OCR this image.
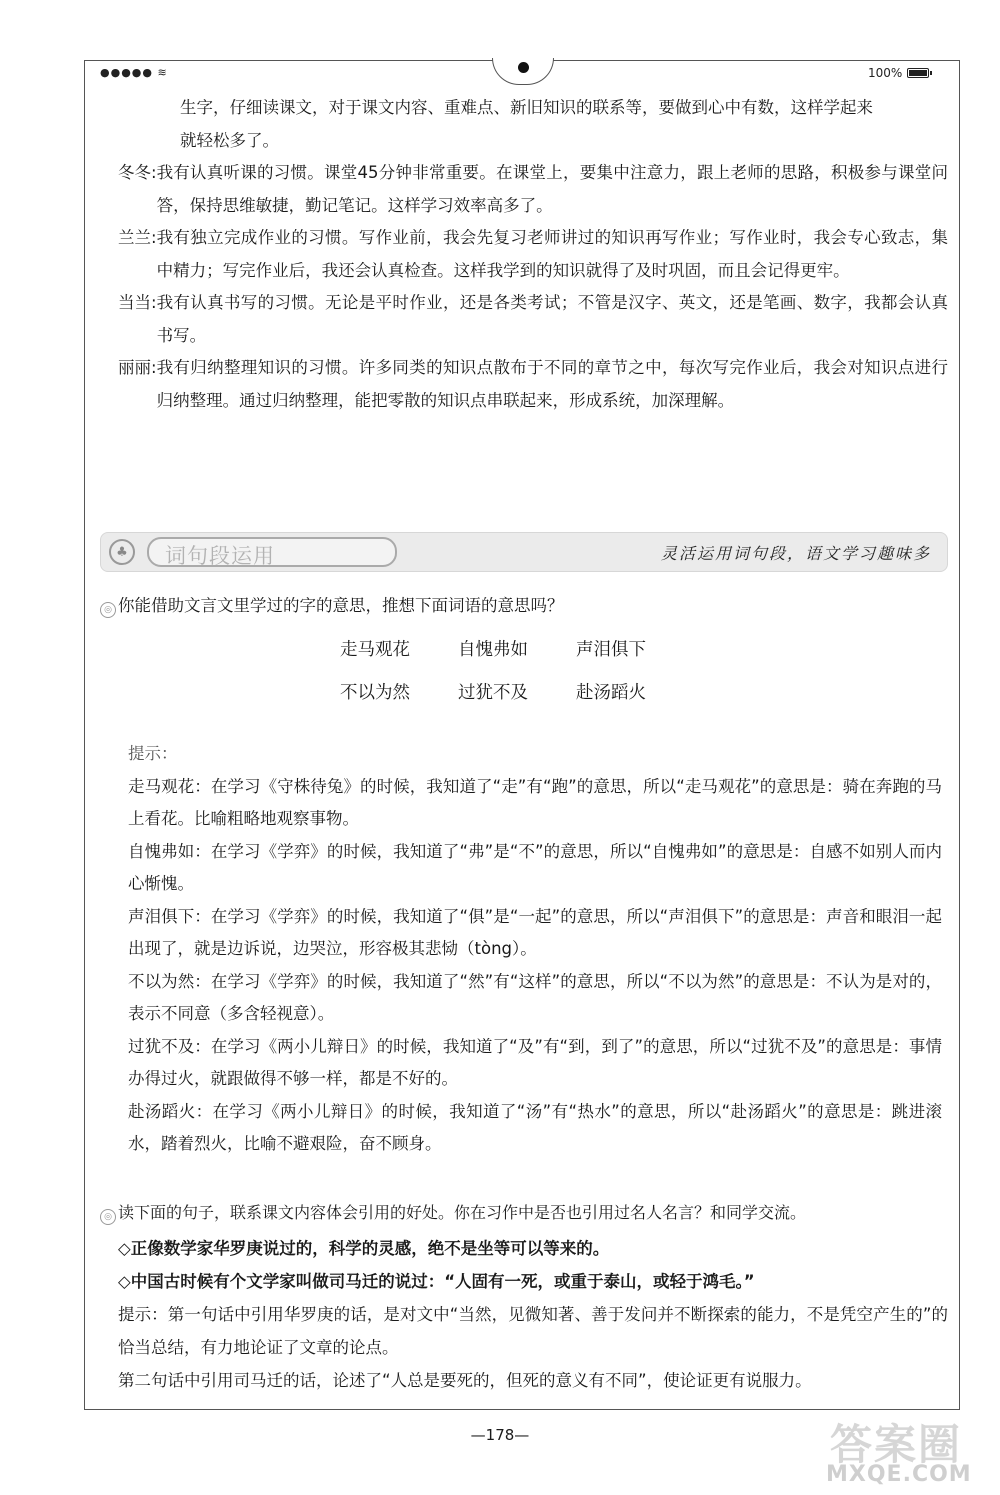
●●●●● ≋	100%

生字，仔细读课文，对于课文内容、重难点、新旧知识的联系等，要做到心中有数，这样学起来

就轻松多了。

冬冬: 我有认真听课的习惯。课堂45分钟非常重要。在课堂上，要集中注意力，跟上老师的思路，积极参与课堂问答，保持思维敏捷，勤记笔记。这样学习效率高多了。
兰兰: 我有独立完成作业的习惯。写作业前，我会先复习老师讲过的知识再写作业；写作业时，我会专心致志，集中精力；写完作业后，我还会认真检查。这样我学到的知识就得了及时巩固，而且会记得更牢。
当当: 我有认真书写的习惯。无论是平时作业，还是各类考试；不管是汉字、英文，还是笔画、数字，我都会认真书写。
丽丽: 我有归纳整理知识的习惯。许多同类的知识点散布于不同的章节之中，每次写完作业后，我会对知识点进行归纳整理。通过归纳整理，能把零散的知识点串联起来，形成系统，加深理解。
♣	词句段运用	灵活运用词句段，语文学习趣味多
◎ 你能借助文言文里学过的字的意思，推想下面词语的意思吗？
走马观花	自愧弗如	声泪俱下
不以为然	过犹不及	赴汤蹈火

提示：

走马观花：在学习《守株待兔》的时候，我知道了“走”有“跑”的意思，所以“走马观花”的意思是：骑在奔跑的马上看花。比喻粗略地观察事物。

自愧弗如：在学习《学弈》的时候，我知道了“弗”是“不”的意思，所以“自愧弗如”的意思是：自感不如别人而内心惭愧。

声泪俱下：在学习《学弈》的时候，我知道了“俱”是“一起”的意思，所以“声泪俱下”的意思是：声音和眼泪一起出现了，就是边诉说，边哭泣，形容极其悲恸（tòng）。

不以为然：在学习《学弈》的时候，我知道了“然”有“这样”的意思，所以“不以为然”的意思是：不认为是对的，表示不同意（多含轻视意）。

过犹不及：在学习《两小儿辩日》的时候，我知道了“及”有“到，到了”的意思，所以“过犹不及”的意思是：事情办得过火，就跟做得不够一样，都是不好的。

赴汤蹈火：在学习《两小儿辩日》的时候，我知道了“汤”有“热水”的意思，所以“赴汤蹈火”的意思是：跳进滚水，踏着烈火，比喻不避艰险，奋不顾身。

◎ 读下面的句子，联系课文内容体会引用的好处。你在习作中是否也引用过名人名言？和同学交流。

◇正像数学家华罗庚说过的，科学的灵感，绝不是坐等可以等来的。

◇中国古时候有个文学家叫做司马迁的说过：“人固有一死，或重于泰山，或轻于鸿毛。”

提示：第一句话中引用华罗庚的话，是对文中“当然，见微知著、善于发问并不断探索的能力，不是凭空产生的”的恰当总结，有力地论证了文章的论点。

第二句话中引用司马迁的话，论述了“人总是要死的，但死的意义有不同”，使论证更有说服力。

—178—	答案圈
MXQE.COM
